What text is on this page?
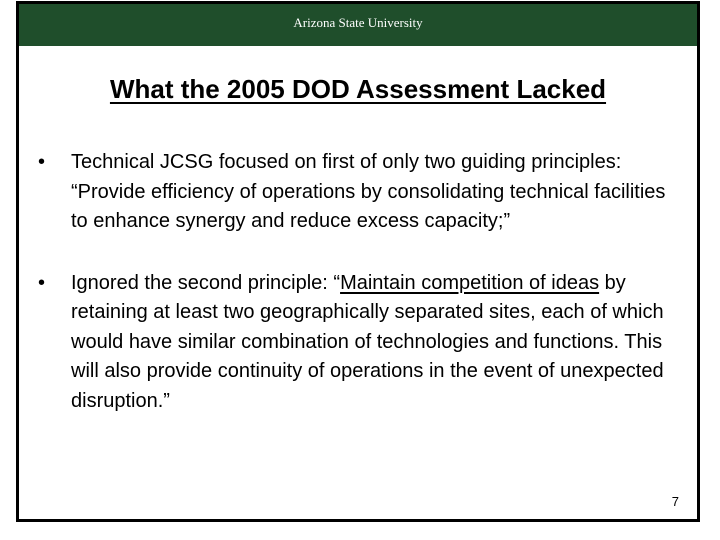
Arizona State University
What the 2005 DOD Assessment Lacked
• Technical JCSG focused on first of only two guiding principles: “Provide efficiency of operations by consolidating technical facilities to enhance synergy and reduce excess capacity;”
• Ignored the second principle: “Maintain competition of ideas by retaining at least two geographically separated sites, each of which would have similar combination of technologies and functions. This will also provide continuity of operations in the event of unexpected disruption.”
7
